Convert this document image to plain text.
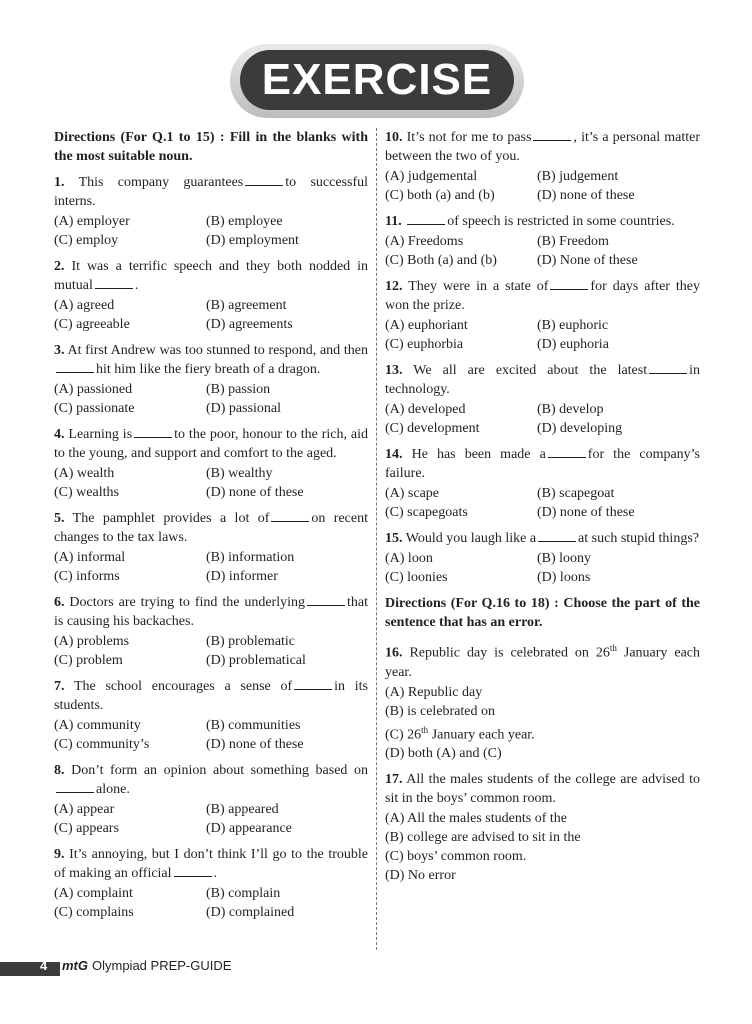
EXERCISE
Directions (For Q.1 to 15) : Fill in the blanks with the most suitable noun.
1. This company guarantees	to successful interns.
(A) employer	(B) employee
(C) employ	(D) employment
2. It was a terrific speech and they both nodded in mutual	.
(A) agreed	(B) agreement
(C) agreeable	(D) agreements
3. At first Andrew was too stunned to respond, and thenhit him like the fiery breath of a dragon.
(A) passioned	(B) passion
(C) passionate	(D) passional
4. Learning is	to the poor, honour to the rich, aid to the young, and support and comfort to the aged.
(A) wealth	(B) wealthy
(C) wealths	(D) none of these
5. The pamphlet provides a lot of	on recent changes to the tax laws.
(A) informal	(B) information
(C) informs	(D) informer
6. Doctors are trying to find the underlying	that is causing his backaches.
(A) problems	(B) problematic
(C) problem	(D) problematical
7. The school encourages a sense of	in its students.
(A) community	(B) communities
(C) community’s	(D) none of these
8. Don’t form an opinion about something based onalone.
(A) appear	(B) appeared
(C) appears	(D) appearance
9. It’s annoying, but I don’t think I’ll go to the trouble of making an official	.
(A) complaint	(B) complain
(C) complains	(D) complained
10. It’s not for me to pass	, it’s a personal matter between the two of you.
(A) judgemental	(B) judgement
(C) both (a) and (b)	(D) none of these
11.	of speech is restricted in some countries.
(A) Freedoms	(B) Freedom
(C) Both (a) and (b)	(D) None of these
12. They were in a state of	for days after they won the prize.
(A) euphoriant	(B) euphoric
(C) euphorbia	(D) euphoria
13. We all are excited about the latest	in technology.
(A) developed	(B) develop
(C) development	(D) developing
14. He has been made a	for the company’s failure.
(A) scape	(B) scapegoat
(C) scapegoats	(D) none of these
15. Would you laugh like a	at such stupid things?
(A) loon	(B) loony
(C) loonies	(D) loons
Directions (For Q.16 to 18) : Choose the part of the sentence that has an error.
16. Republic day is celebrated on 26th January each year.
(A) Republic day
(B) is celebrated on
(C) 26th January each year.
(D) both (A) and (C)
17. All the males students of the college are advised to sit in the boys’ common room.
(A) All the males students of the
(B) college are advised to sit in the
(C) boys’ common room.
(D) No error
4 mtG Olympiad PREP-GUIDE
